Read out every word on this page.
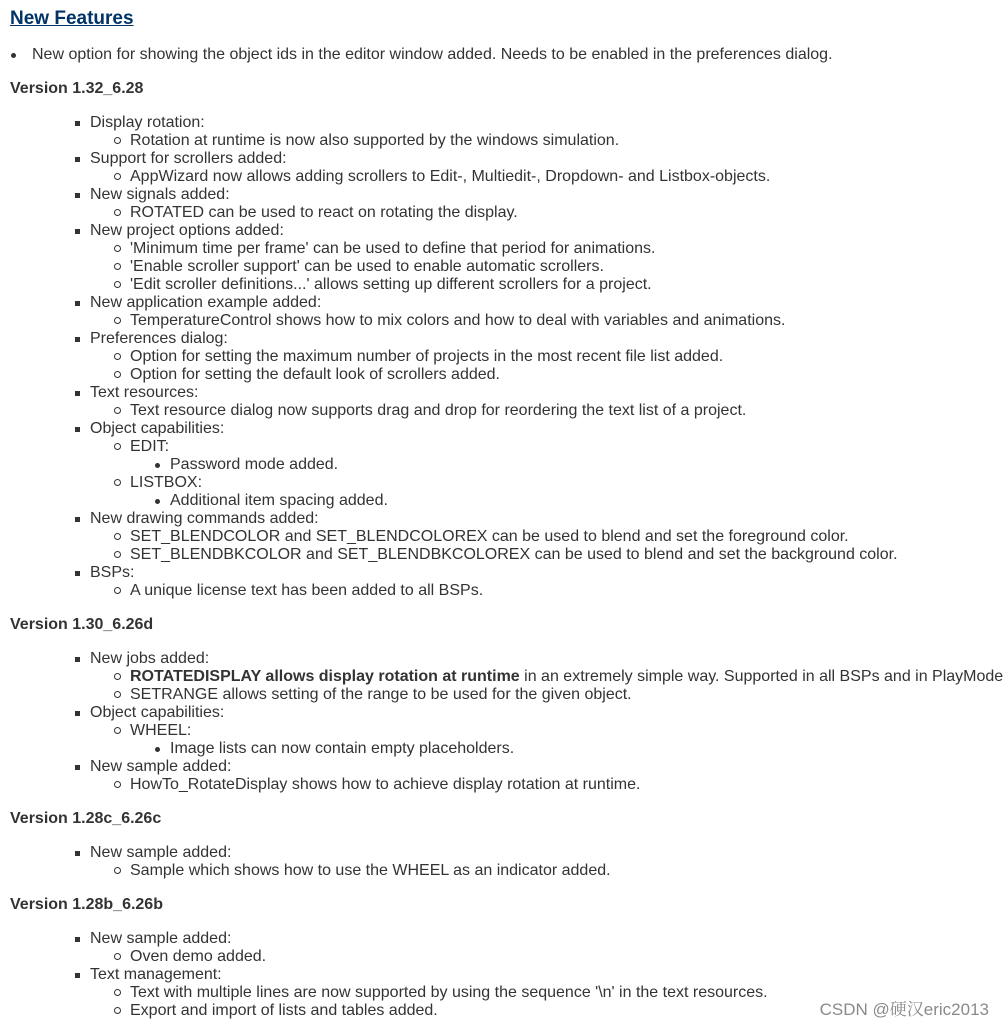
New Features
New option for showing the object ids in the editor window added. Needs to be enabled in the preferences dialog.
Version 1.32_6.28
Display rotation:
Rotation at runtime is now also supported by the windows simulation.
Support for scrollers added:
AppWizard now allows adding scrollers to Edit-, Multiedit-, Dropdown- and Listbox-objects.
New signals added:
ROTATED can be used to react on rotating the display.
New project options added:
'Minimum time per frame' can be used to define that period for animations.
'Enable scroller support' can be used to enable automatic scrollers.
'Edit scroller definitions...' allows setting up different scrollers for a project.
New application example added:
TemperatureControl shows how to mix colors and how to deal with variables and animations.
Preferences dialog:
Option for setting the maximum number of projects in the most recent file list added.
Option for setting the default look of scrollers added.
Text resources:
Text resource dialog now supports drag and drop for reordering the text list of a project.
Object capabilities:
EDIT:
Password mode added.
LISTBOX:
Additional item spacing added.
New drawing commands added:
SET_BLENDCOLOR and SET_BLENDCOLOREX can be used to blend and set the foreground color.
SET_BLENDBKCOLOR and SET_BLENDBKCOLOREX can be used to blend and set the background color.
BSPs:
A unique license text has been added to all BSPs.
Version 1.30_6.26d
New jobs added:
ROTATEDISPLAY allows display rotation at runtime in an extremely simple way. Supported in all BSPs and in PlayMode
SETRANGE allows setting of the range to be used for the given object.
Object capabilities:
WHEEL:
Image lists can now contain empty placeholders.
New sample added:
HowTo_RotateDisplay shows how to achieve display rotation at runtime.
Version 1.28c_6.26c
New sample added:
Sample which shows how to use the WHEEL as an indicator added.
Version 1.28b_6.26b
New sample added:
Oven demo added.
Text management:
Text with multiple lines are now supported by using the sequence '\n' in the text resources.
Export and import of lists and tables added.	CSDN @硬汉eric2013
